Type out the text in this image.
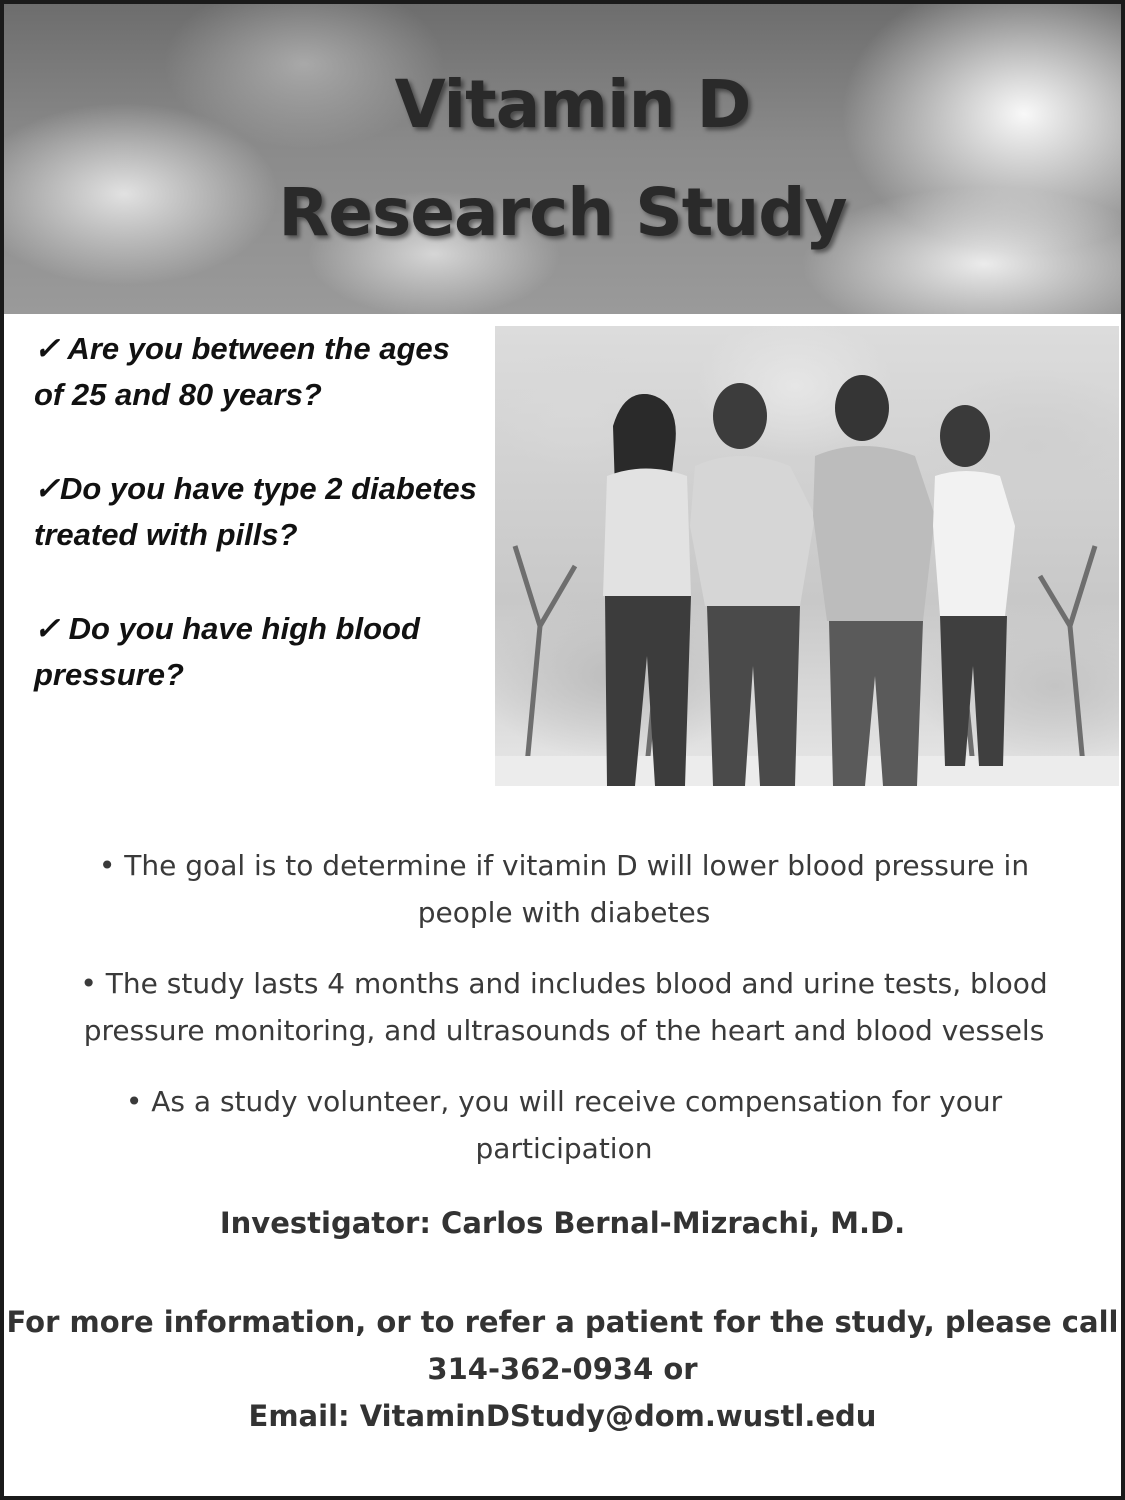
Vitamin D
Research Study

✓ Are you between the ages of 25 and 80 years?

✓Do you have type 2 diabetes treated with pills?

✓ Do you have high blood pressure?

• The goal is to determine if vitamin D will lower blood pressure in people with diabetes

• The study lasts 4 months and includes blood and urine tests, blood pressure monitoring, and ultrasounds of the heart and blood vessels

• As a study volunteer, you will receive compensation for your participation

Investigator: Carlos Bernal-Mizrachi, M.D.
For more information, or to refer a patient for the study, please call
314-362-0934 or
Email: VitaminDStudy@dom.wustl.edu
